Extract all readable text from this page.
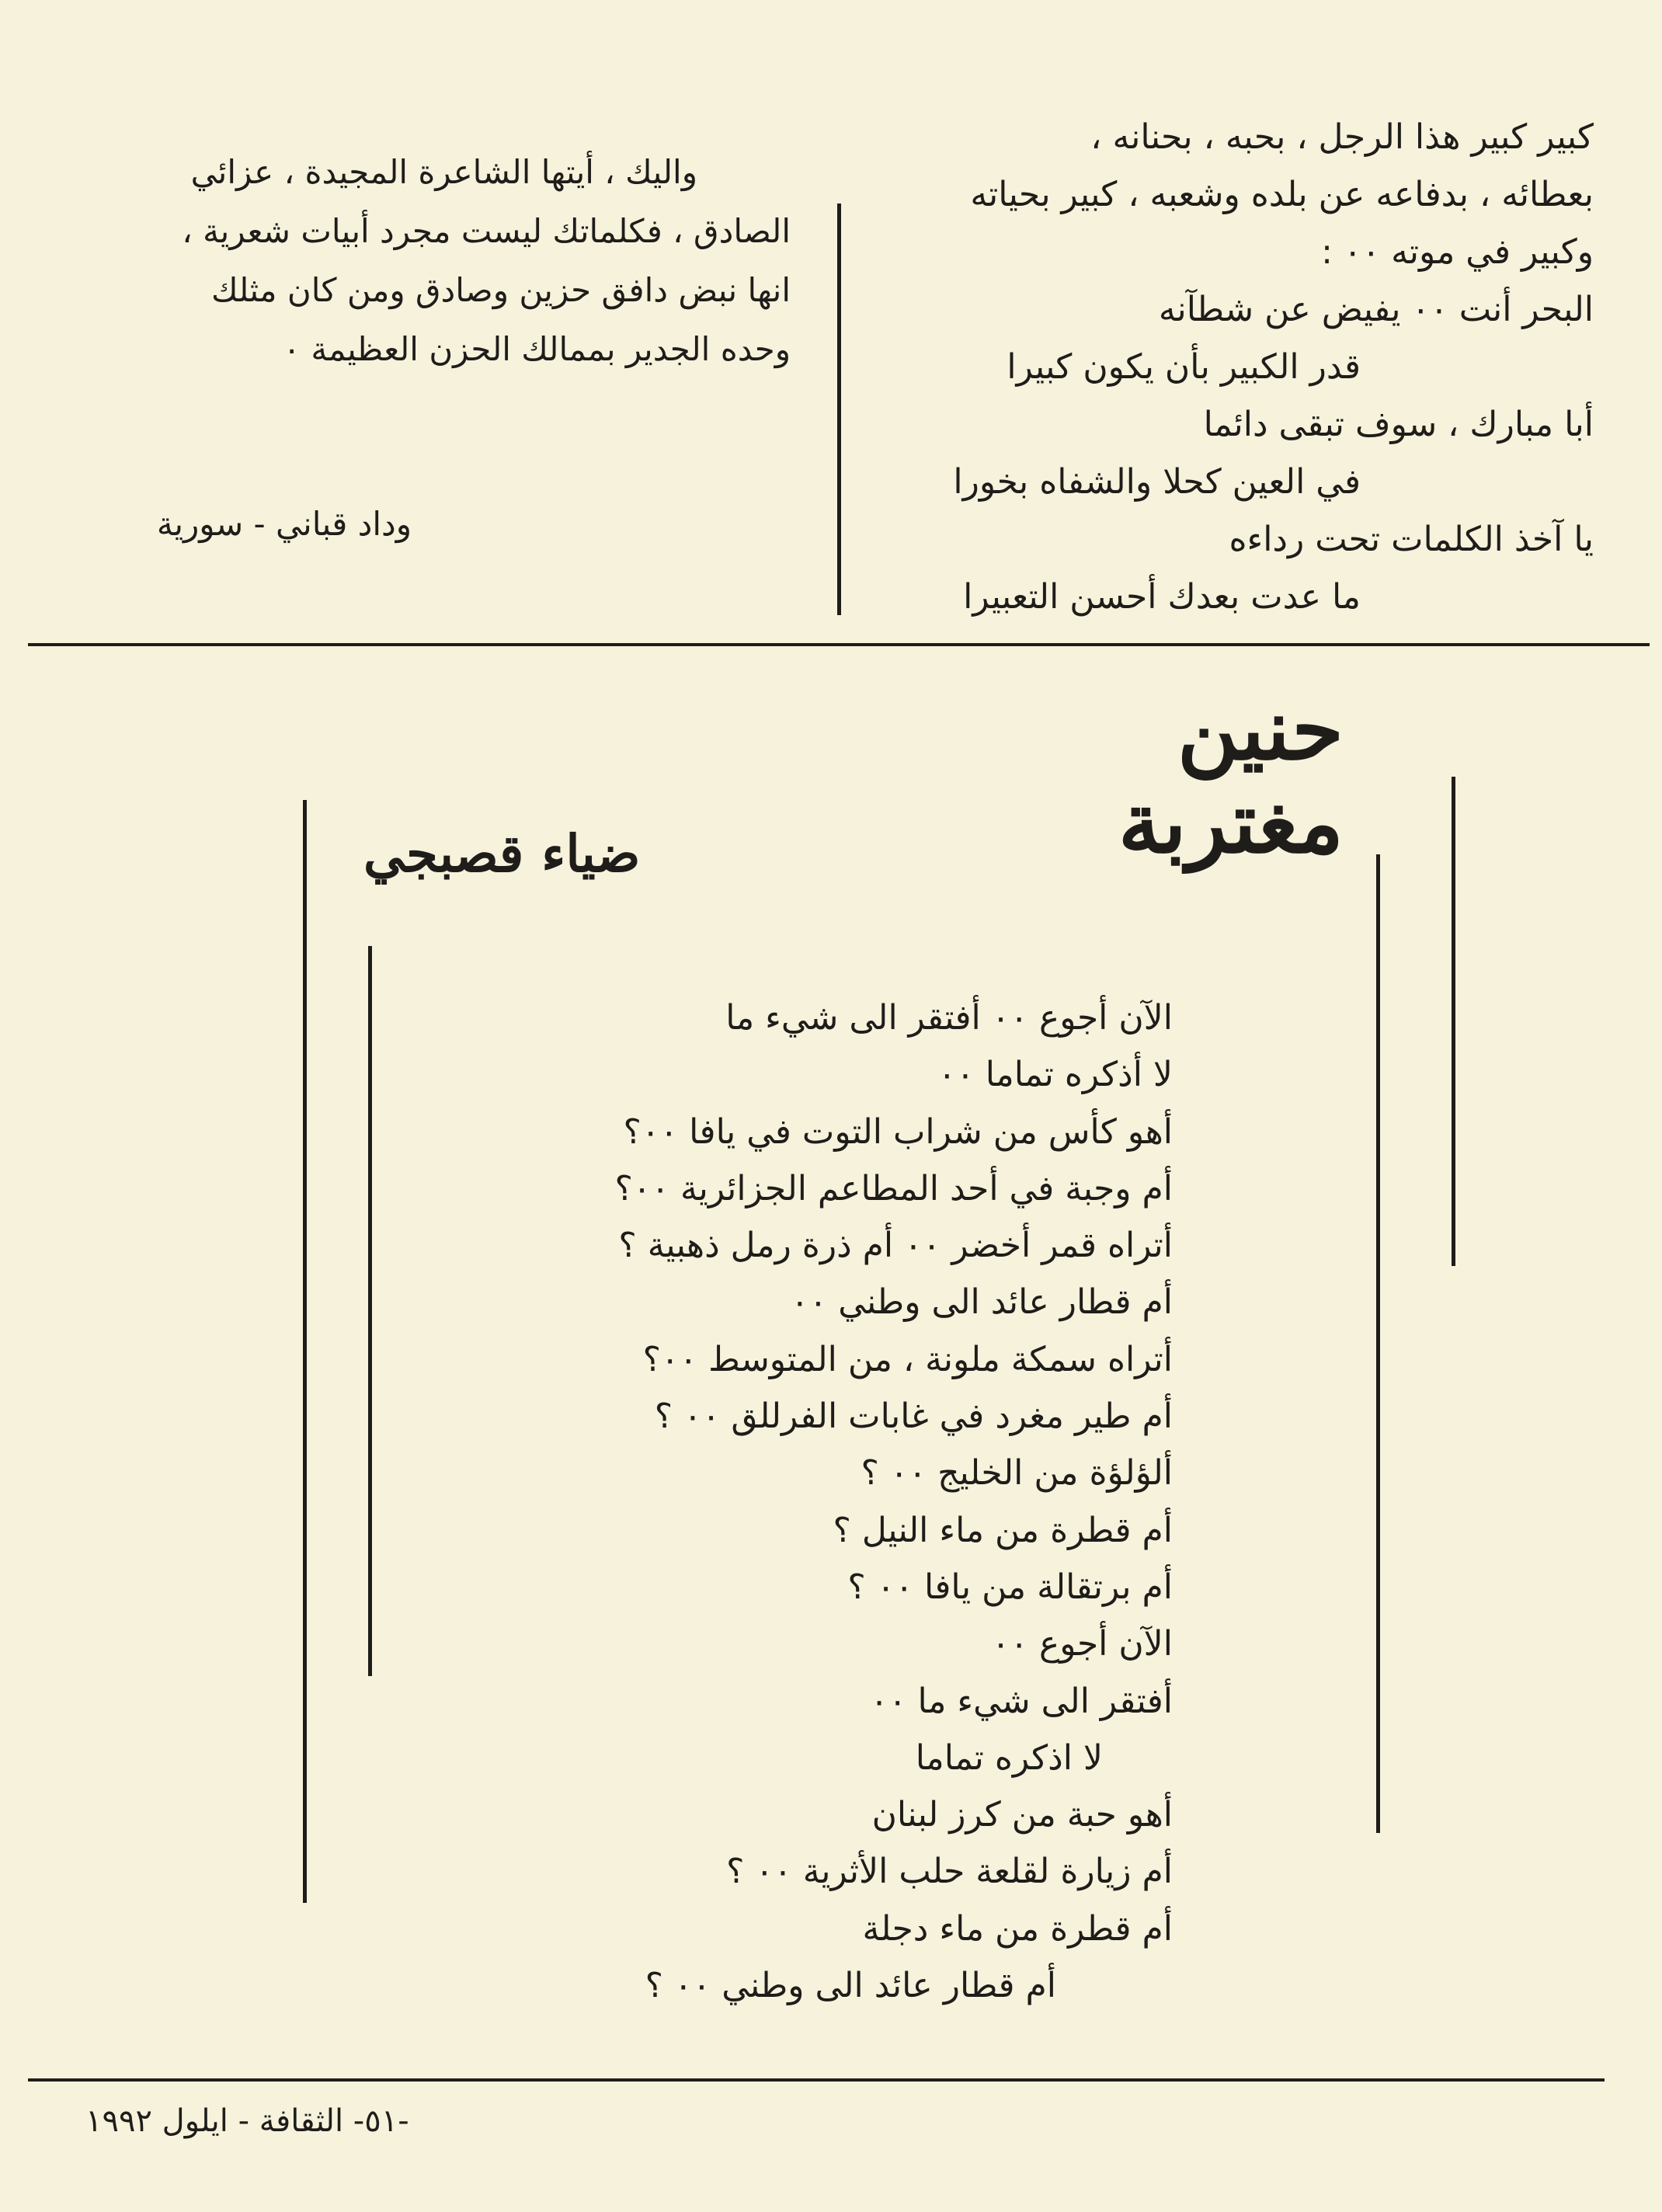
كبير كبير هذا الرجل ، بحبه ، بحنانه ،
بعطائه ، بدفاعه عن بلده وشعبه ، كبير بحياته
وكبير في موته ٠٠ :
البحر أنت ٠٠ يفيض عن شطآنه
قدر الكبير بأن يكون كبيرا
أبا مبارك ، سوف تبقى دائما
في العين كحلا والشفاه بخورا
يا آخذ الكلمات تحت رداءه
ما عدت بعدك أحسن التعبيرا
واليك ، أيتها الشاعرة المجيدة ، عزائي
الصادق ، فكلماتك ليست مجرد أبيات شعرية ،
انها نبض دافق حزين وصادق ومن كان مثلك
وحده الجدير بممالك الحزن العظيمة ٠
وداد قباني - سورية
حنين
مغتربة
ضياء قصبجي
الآن أجوع ٠٠ أفتقر الى شيء ما
لا أذكره تماما ٠٠
أهو كأس من شراب التوت في يافا ٠٠؟
أم وجبة في أحد المطاعم الجزائرية ٠٠؟
أتراه قمر أخضر ٠٠ أم ذرة رمل ذهبية ؟
أم قطار عائد الى وطني ٠٠
أتراه سمكة ملونة ، من المتوسط ٠٠؟
أم طير مغرد في غابات الفرللق ٠٠ ؟
ألؤلؤة من الخليج ٠٠ ؟
أم قطرة من ماء النيل ؟
أم برتقالة من يافا ٠٠ ؟
الآن أجوع ٠٠
أفتقر الى شيء ما ٠٠
لا اذكره تماما
أهو حبة من كرز لبنان
أم زيارة لقلعة حلب الأثرية ٠٠ ؟
أم قطرة من ماء دجلة
أم قطار عائد الى وطني ٠٠ ؟
-٥١- الثقافة - ايلول ١٩٩٢
